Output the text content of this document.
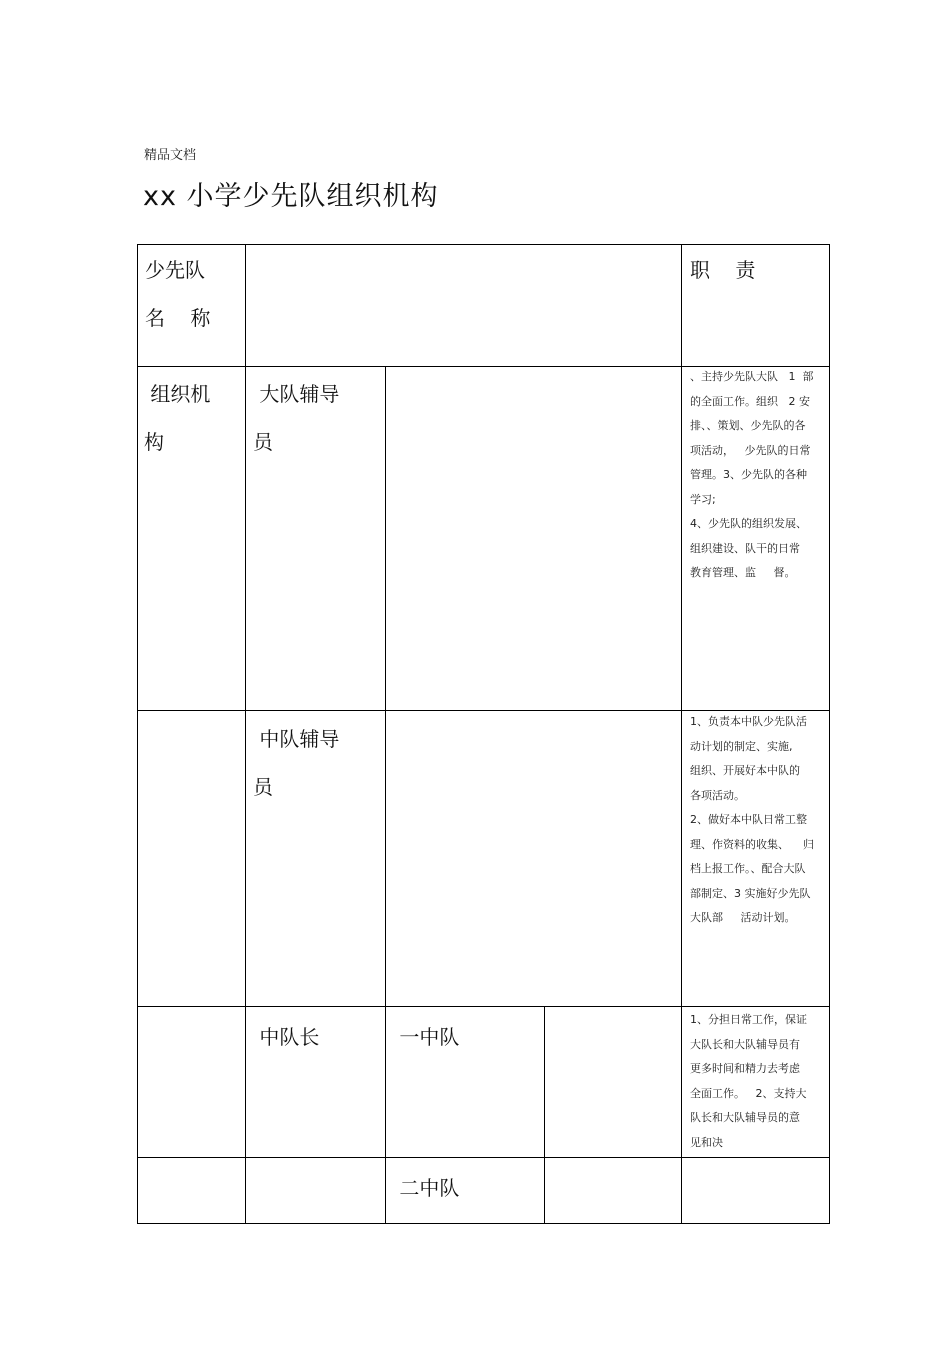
精品文档
xx 小学少先队组织机构
少先队
名    称
职    责
组织机
构
大队辅导
员

、主持少先队大队   1  部

的全面工作。组织   2 安

排、、策划、少先队的各

项活动，   少先队的日常

管理。3、少先队的各种

学习;

4、少先队的组织发展、

组织建设、队干的日常

教育管理、监     督。

中队辅导
员

1、负责本中队少先队活

动计划的制定、实施,

组织、开展好本中队的

各项活动。

2、做好本中队日常工整

理、作资料的收集、    归

档上报工作。、配合大队

部制定、3 实施好少先队

大队部     活动计划。

中队长	一中队

1、分担日常工作，保证

大队长和大队辅导员有

更多时间和精力去考虑

全面工作。   2、支持大

队长和大队辅导员的意

见和决

二中队
